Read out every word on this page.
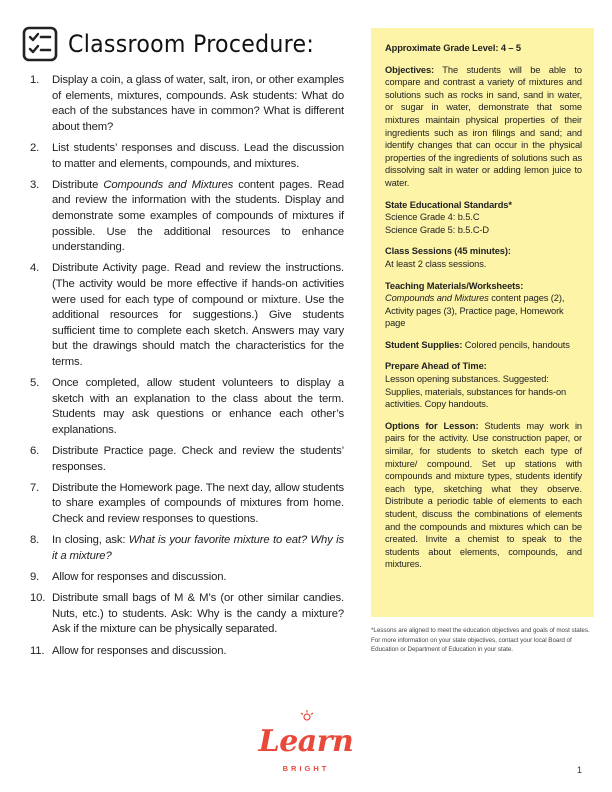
Classroom Procedure:
1.	Display a coin, a glass of water, salt, iron, or other examples of elements, mixtures, compounds. Ask students: What do each of the substances have in common? What is different about them?
2.	List students’ responses and discuss. Lead the discussion to matter and elements, compounds, and mixtures.
3.	Distribute Compounds and Mixtures content pages. Read and review the information with the students. Display and demonstrate some examples of compounds of mixtures if possible. Use the additional resources to enhance understanding.
4.	Distribute Activity page. Read and review the instructions. (The activity would be more effective if hands-on activities were used for each type of compound or mixture. Use the additional resources for suggestions.) Give students sufficient time to complete each sketch. Answers may vary but the drawings should match the characteristics for the terms.
5.	Once completed, allow student volunteers to display a sketch with an explanation to the class about the term. Students may ask questions or enhance each other’s explanations.
6.	Distribute Practice page. Check and review the students’ responses.
7.	Distribute the Homework page. The next day, allow students to share examples of compounds of mixtures from home. Check and review responses to questions.
8.	In closing, ask: What is your favorite mixture to eat? Why is it a mixture?
9.	Allow for responses and discussion.
10. Distribute small bags of M & M’s (or other similar candies. Nuts, etc.) to students. Ask: Why is the candy a mixture? Ask if the mixture can be physically separated.
11. Allow for responses and discussion.
Approximate Grade Level: 4 – 5
Objectives: The students will be able to compare and contrast a variety of mixtures and solutions such as rocks in sand, sand in water, or sugar in water, demonstrate that some mixtures maintain physical properties of their ingredients such as iron filings and sand; and identify changes that can occur in the physical properties of the ingredients of solutions such as dissolving salt in water or adding lemon juice to water.
State Educational Standards*
Science Grade 4: b.5.C
Science Grade 5: b.5.C-D
Class Sessions (45 minutes):
At least 2 class sessions.
Teaching Materials/Worksheets:
Compounds and Mixtures content pages (2), Activity pages (3), Practice page, Homework page
Student Supplies: Colored pencils, handouts
Prepare Ahead of Time:
Lesson opening substances. Suggested: Supplies, materials, substances for hands-on activities. Copy handouts.
Options for Lesson: Students may work in pairs for the activity. Use construction paper, or similar, for students to sketch each type of mixture/ compound. Set up stations with compounds and mixture types, students identify each type, sketching what they observe. Distribute a periodic table of elements to each student, discuss the combinations of elements and the compounds and mixtures which can be created. Invite a chemist to speak to the students about elements, compounds, and mixtures.
*Lessons are aligned to meet the education objectives and goals of most states. For more information on your state objectives, contact your local Board of Education or Department of Education in your state.
Learn
BRIGHT	1
